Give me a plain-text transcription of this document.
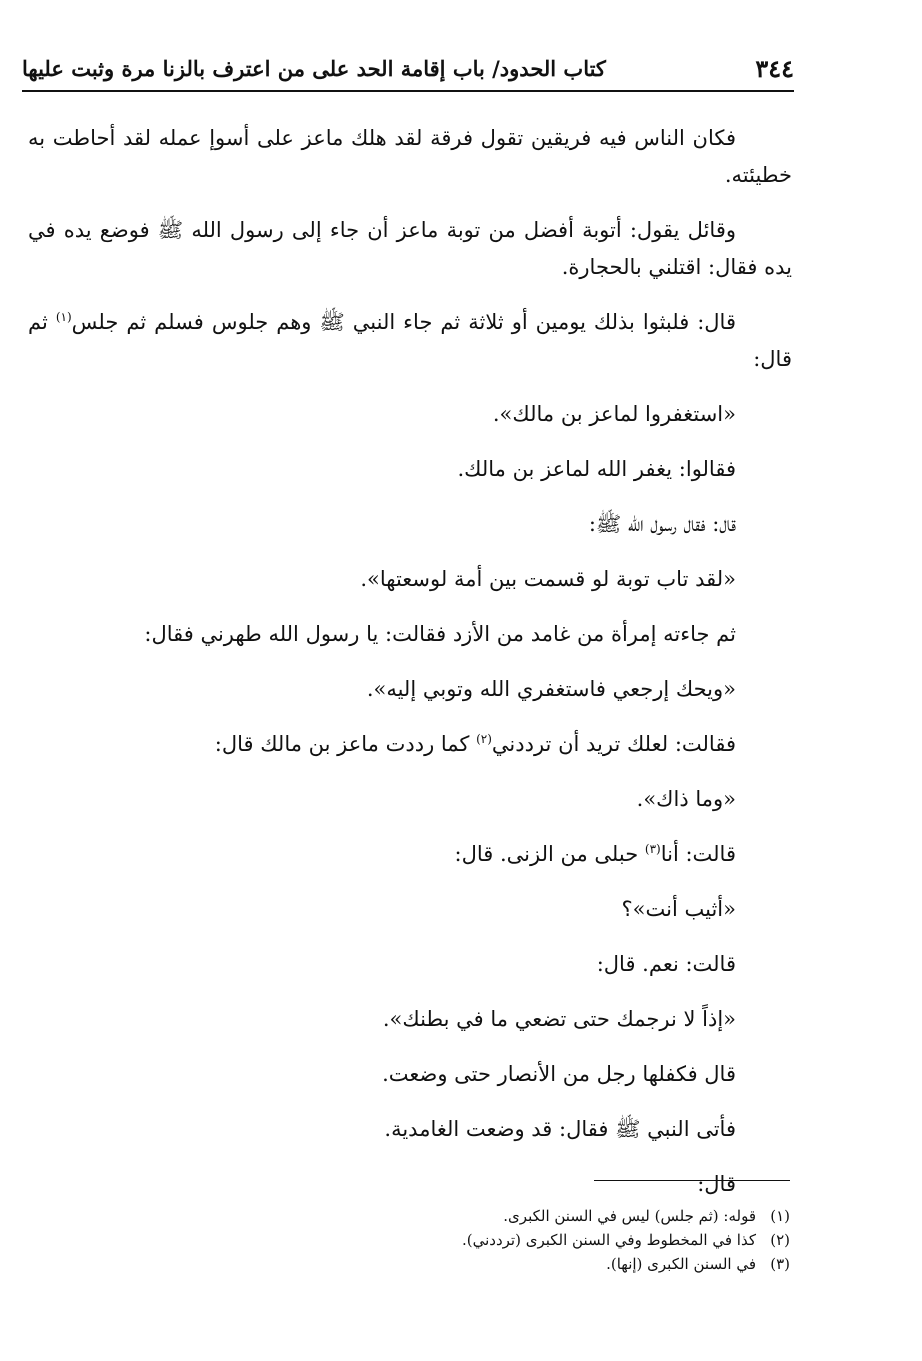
٣٤٤
كتاب الحدود/ باب إقامة الحد على من اعترف بالزنا مرة وثبت عليها

فكان الناس فيه فريقين تقول فرقة لقد هلك ماعز على أسوإ عمله لقد أحاطت به خطيئته.

وقائل يقول: أتوبة أفضل من توبة ماعز أن جاء إلى رسول الله ﷺ فوضع يده في يده فقال: اقتلني بالحجارة.

قال: فلبثوا بذلك يومين أو ثلاثة ثم جاء النبي ﷺ وهم جلوس فسلم ثم جلس$^{(١)}$ ثم قال:

«استغفروا لماعز بن مالك».

فقالوا: يغفر الله لماعز بن مالك.

قال: فقال رسول الله ﷺ:

«لقد تاب توبة لو قسمت بين أمة لوسعتها».

ثم جاءته إمرأة من غامد من الأزد فقالت: يا رسول الله طهرني فقال:

«ويحك إرجعي فاستغفري الله وتوبي إليه».

فقالت: لعلك تريد أن ترددني$^{(٢)}$ كما رددت ماعز بن مالك قال:

«وما ذاك».

قالت: أنا$^{(٣)}$ حبلى من الزنى. قال:

«أثيب أنت»؟

قالت: نعم. قال:

«إذاً لا نرجمك حتى تضعي ما في بطنك».

قال فكفلها رجل من الأنصار حتى وضعت.

فأتى النبي ﷺ فقال: قد وضعت الغامدية.

قال:

(١)قوله: (ثم جلس) ليس في السنن الكبرى.

(٢)كذا في المخطوط وفي السنن الكبرى (ترددني).

(٣)في السنن الكبرى (إنها).
